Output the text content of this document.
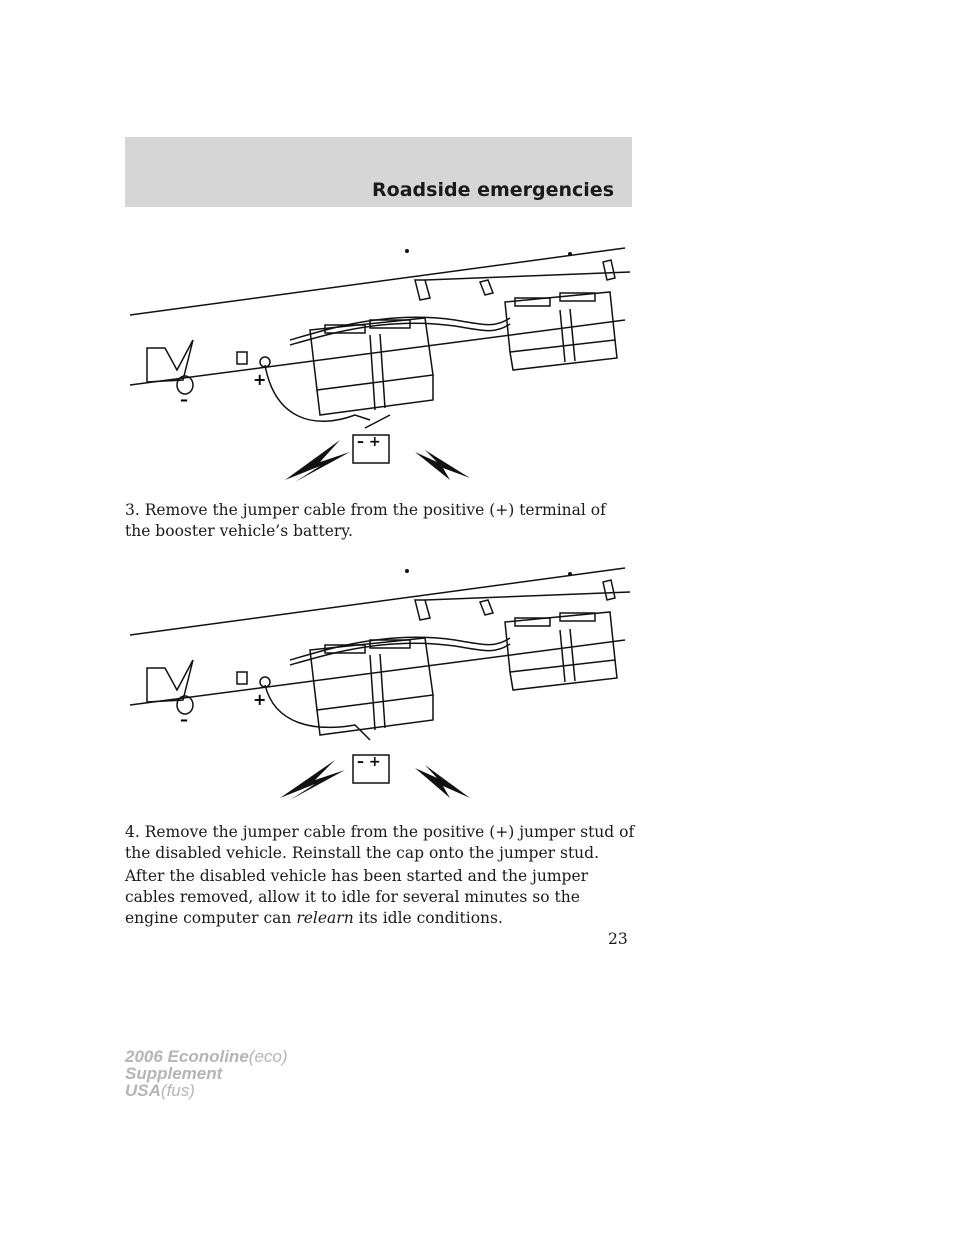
Roadside emergencies
–
+
– +

3. Remove the jumper cable from the positive (+) terminal of the booster vehicle’s battery.

–
+
– +

4. Remove the jumper cable from the positive (+) jumper stud of the disabled vehicle. Reinstall the cap onto the jumper stud.

After the disabled vehicle has been started and the jumper cables removed, allow it to idle for several minutes so the engine computer can relearn its idle conditions.

23
2006 Econoline(eco)
Supplement
USA(fus)
